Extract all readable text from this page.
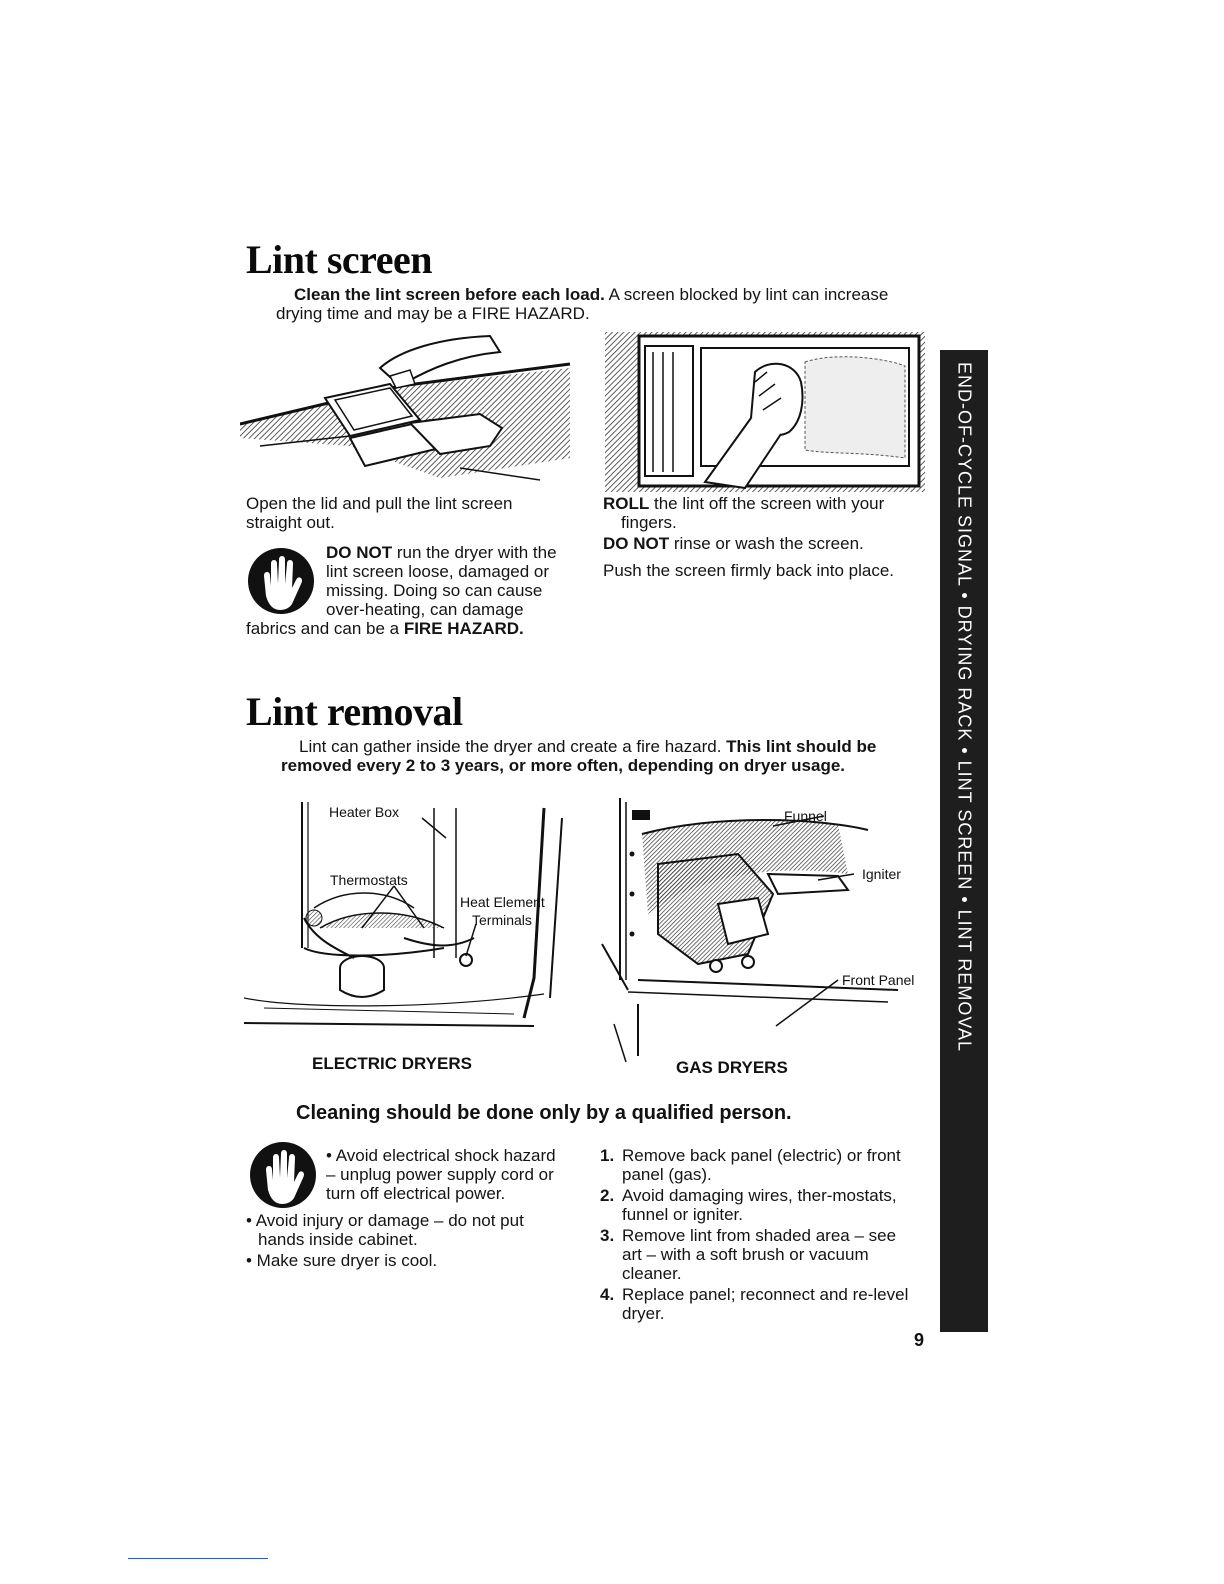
END-OF-CYCLE SIGNAL • DRYING RACK • LINT SCREEN • LINT REMOVAL
Lint screen
Clean the lint screen before each load. A screen blocked by lint can increase drying time and may be a FIRE HAZARD.
Open the lid and pull the lint screen straight out.
DO NOT run the dryer with the lint screen loose, damaged or missing. Doing so can cause over-heating, can damage fabrics and can be a FIRE HAZARD.
ROLL the lint off the screen with your fingers.
DO NOT rinse or wash the screen.
Push the screen firmly back into place.
Lint removal
Lint can gather inside the dryer and create a fire hazard. This lint should be removed every 2 to 3 years, or more often, depending on dryer usage.
Heater Box
Thermostats
Heat Element
Terminals
Funnel
Igniter
Front Panel
ELECTRIC DRYERS	GAS DRYERS
Cleaning should be done only by a qualified person.
• Avoid electrical shock hazard – unplug power supply cord or turn off electrical power.
• Avoid injury or damage – do not put hands inside cabinet.
• Make sure dryer is cool.
1. Remove back panel (electric) or front panel (gas).
2. Avoid damaging wires, ther-mostats, funnel or igniter.
3. Remove lint from shaded area – see art – with a soft brush or vacuum cleaner.
4. Replace panel; reconnect and re-level dryer.
9
